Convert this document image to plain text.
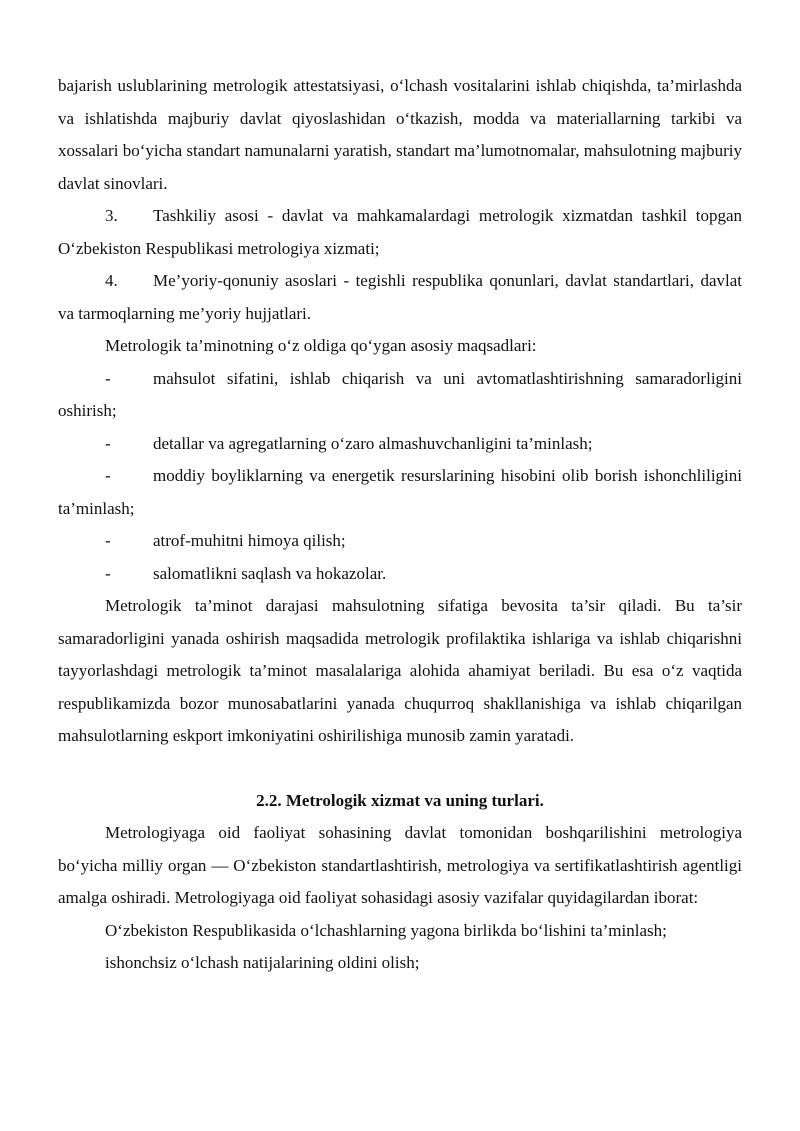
bajarish uslublarining metrologik attestatsiyasi, o‘lchash vositalarini ishlab chiqishda, ta’mirlashda va ishlatishda majburiy davlat qiyoslashidan o‘tkazish, modda va materiallarning tarkibi va xossalari bo‘yicha standart namunalarni yaratish, standart ma’lumotnomalar, mahsulotning majburiy davlat sinovlari.

3. Tashkiliy asosi - davlat va mahkamalardagi metrologik xizmatdan tashkil topgan O‘zbekiston Respublikasi metrologiya xizmati;

4. Me’yoriy-qonuniy asoslari - tegishli respublika qonunlari, davlat standartlari, davlat va tarmoqlarning me’yoriy hujjatlari.

Metrologik ta’minotning o‘z oldiga qo‘ygan asosiy maqsadlari:

- mahsulot sifatini, ishlab chiqarish va uni avtomatlashtirishning samaradorligini oshirish;

- detallar va agregatlarning o‘zaro almashuvchanligini ta’minlash;

- moddiy boyliklarning va energetik resurslarining hisobini olib borish ishonchliligini ta’minlash;

- atrof-muhitni himoya qilish;

- salomatlikni saqlash va hokazolar.

Metrologik ta’minot darajasi mahsulotning sifatiga bevosita ta’sir qiladi. Bu ta’sir samaradorligini yanada oshirish maqsadida metrologik profilaktika ishlariga va ishlab chiqarishni tayyorlashdagi metrologik ta’minot masalalariga alohida ahamiyat beriladi. Bu esa o‘z vaqtida respublikamizda bozor munosabatlarini yanada chuqurroq shakllanishiga va ishlab chiqarilgan mahsulotlarning eskport imkoniyatini oshirilishiga munosib zamin yaratadi.

2.2. Metrologik xizmat va uning turlari.

Metrologiyaga oid faoliyat sohasining davlat tomonidan boshqarilishini metrologiya bo‘yicha milliy organ — O‘zbekiston standartlashtirish, metrologiya va sertifikatlashtirish agentligi amalga oshiradi. Metrologiyaga oid faoliyat sohasidagi asosiy vazifalar quyidagilardan iborat:

O‘zbekiston Respublikasida o‘lchashlarning yagona birlikda bo‘lishini ta’minlash;

ishonchsiz o‘lchash natijalarining oldini olish;
